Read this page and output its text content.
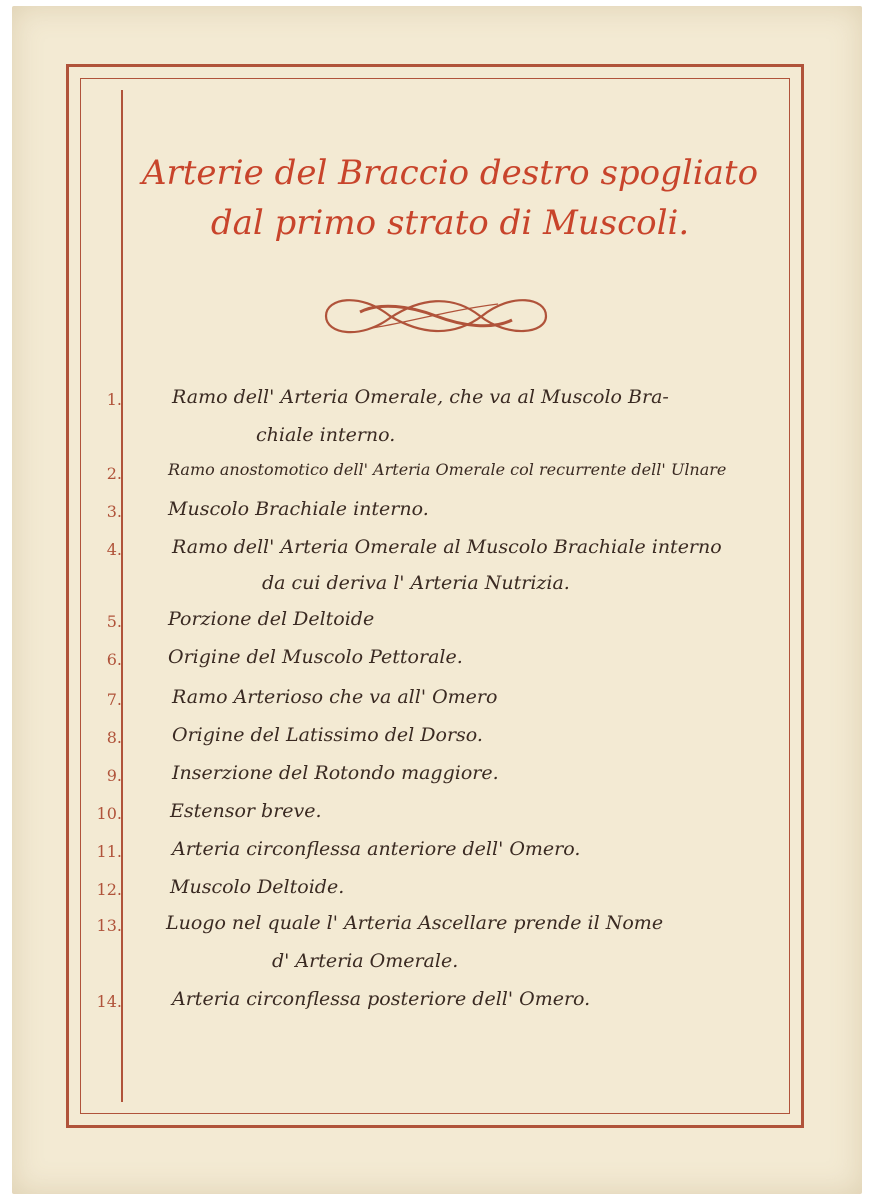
Arterie del Braccio destro spogliato
dal primo strato di Muscoli.
1.	Ramo dell' Arteria Omerale, che va al Muscolo Bra-
chiale interno.
2.	Ramo anostomotico dell' Arteria Omerale col recurrente dell' Ulnare
3. Muscolo Brachiale interno.
4.	Ramo dell' Arteria Omerale al Muscolo Brachiale interno
da cui deriva l' Arteria Nutrizia.
5. Porzione del Deltoide
6. Origine del Muscolo Pettorale.
7.	Ramo Arterioso che va all' Omero
8.	Origine del Latissimo del Dorso.
9.	Inserzione del Rotondo maggiore.
10.	Estensor breve.
11.	Arteria circonflessa anteriore dell' Omero.
12.	Muscolo Deltoide.
13. Luogo nel quale l' Arteria Ascellare prende il Nome
d' Arteria Omerale.
14.	Arteria circonflessa posteriore dell' Omero.
